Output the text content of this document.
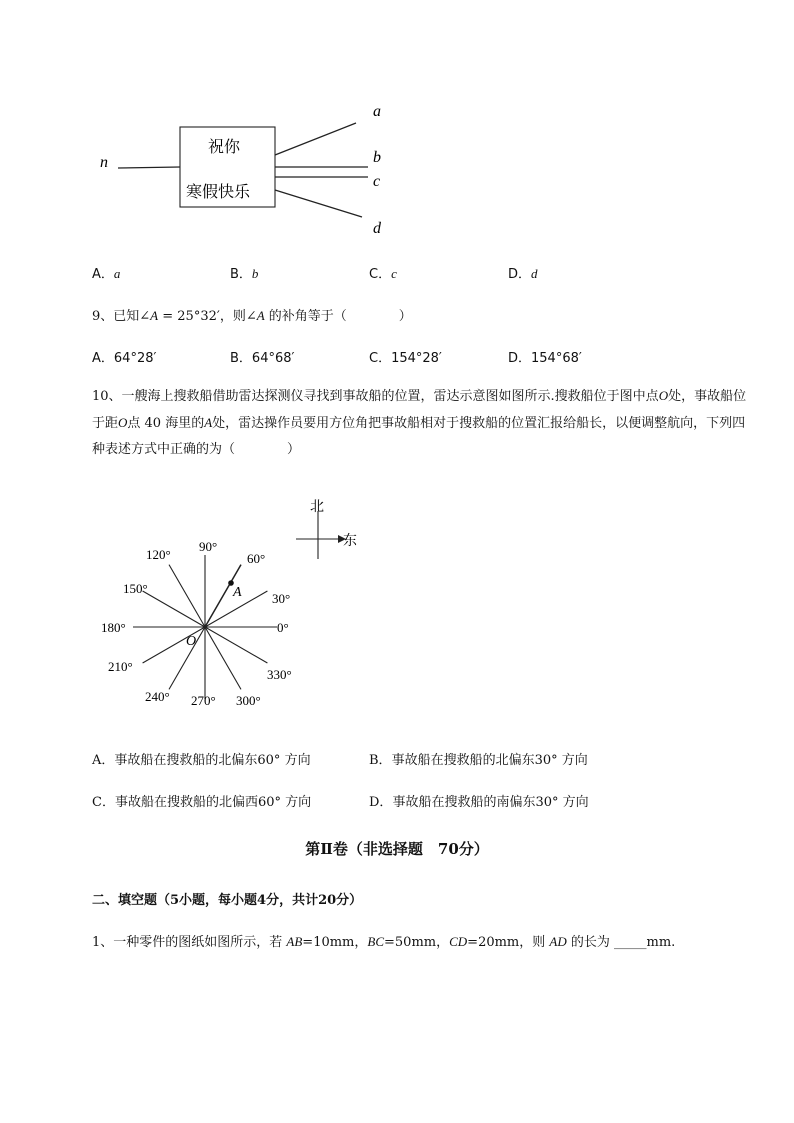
祝你
寒假快乐
n
a
b
c
d
A．a	B．b	C．c	D．d
9、已知∠A = 25°32′，则∠A 的补角等于（　　　　）
A．64°28′	B．64°68′	C．154°28′	D．154°68′
10、一艘海上搜救船借助雷达探测仪寻找到事故船的位置，雷达示意图如图所示.搜救船位于图中点O处，事故船位于距O点 40 海里的A处，雷达操作员要用方位角把事故船相对于搜救船的位置汇报给船长，以便调整航向，下列四种表述方式中正确的为（　　　　）
A
O
北
东
0°
30°
60°
90°
120°
150°
180°
210°
240° 270° 300°
330°
A．事故船在搜救船的北偏东60° 方向	B．事故船在搜救船的北偏东30° 方向
C．事故船在搜救船的北偏西60° 方向	D．事故船在搜救船的南偏东30° 方向
第Ⅱ卷（非选择题　70分）
二、填空题（5小题，每小题4分，共计20分）
1、一种零件的图纸如图所示，若 AB=10mm，BC=50mm，CD=20mm，则 AD 的长为 _____mm.
